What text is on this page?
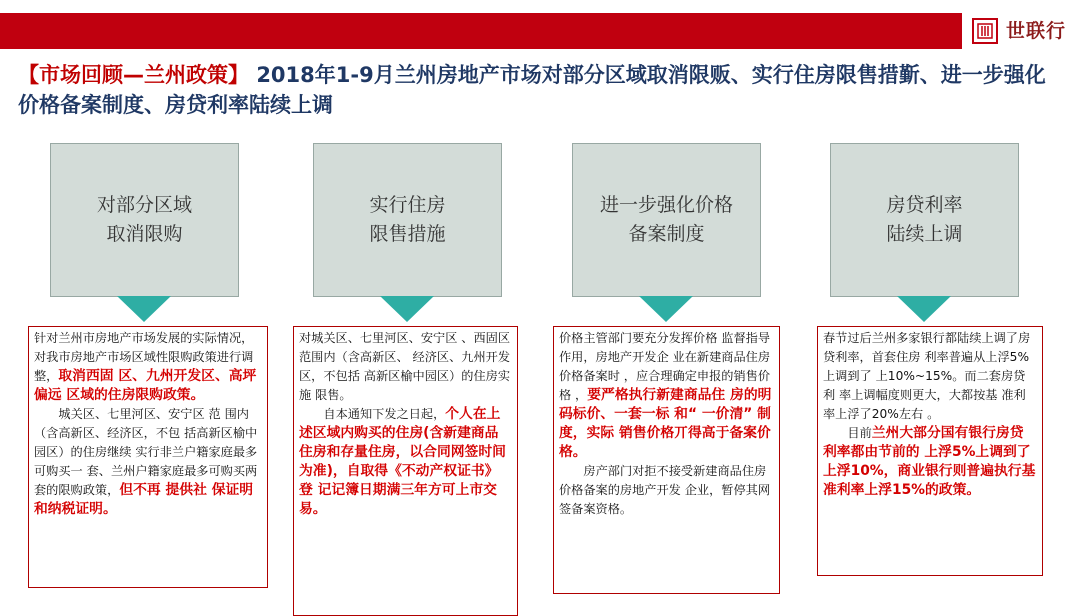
世联行
【市场回顾—兰州政策】 2018年1-9月兰州房地产市场对部分区域取消限贩、实行住房限售措斳、进一步强化价格备案制度、房贷利率陆续上调
对部分区域
取消限购
实行住房
限售措施
进一步强化价格
备案制度
房贷利率
陆续上调

针对兰州市房地产市场发展的实际情况，对我市房地产市场区域性限购政策进行调整，取消西固 区、九州开发区、高坪偏远 区域的住房限购政策。

城关区、七里河区、安宁区 范 围内（含高新区、经济区，不包 括高新区榆中园区）的住房继续 实行非兰户籍家庭最多可购买一 套、兰州户籍家庭最多可购买两 套的限购政策，但不再 提供社 保证明和纳税证明。

对城关区、七里河区、安宁区 、西固区范围内（含高新区、 经济区、九州开发区，不包括 高新区榆中园区）的住房实施 限售。

自本通知下发之日起，个人在上 述区域内购买的住房(含新建商品住房和存量住房，以合同网签时间为准)，自取得《不动产权证书》登 记记簿日期满三年方可上市交易。

价格主管部门要充分发挥价格 监督指导作用，房地产开发企 业在新建商品住房价格备案时 ，应合理确定申报的销售价格 ，要严格执行新建商品住 房的明码标价、一套一标 和“ 一价清” 制度，实际 销售价格丌得高于备案价 格。

房产部门对拒不接受新建商品住房价格备案的房地产开发 企业，暂停其网签备案资格。

春节过后兰州多家银行都陆续上调了房贷利率，首套住房 利率普遍从上浮5%上调到了 上10%~15%。而二套房贷利 率上调幅度则更大，大都按基 准利率上浮了20%左右 。

目前兰州大部分国有银行房贷利率都由节前的 上浮5%上调到了上浮10%，商业银行则普遍执行基准利率上浮15%的政策。
